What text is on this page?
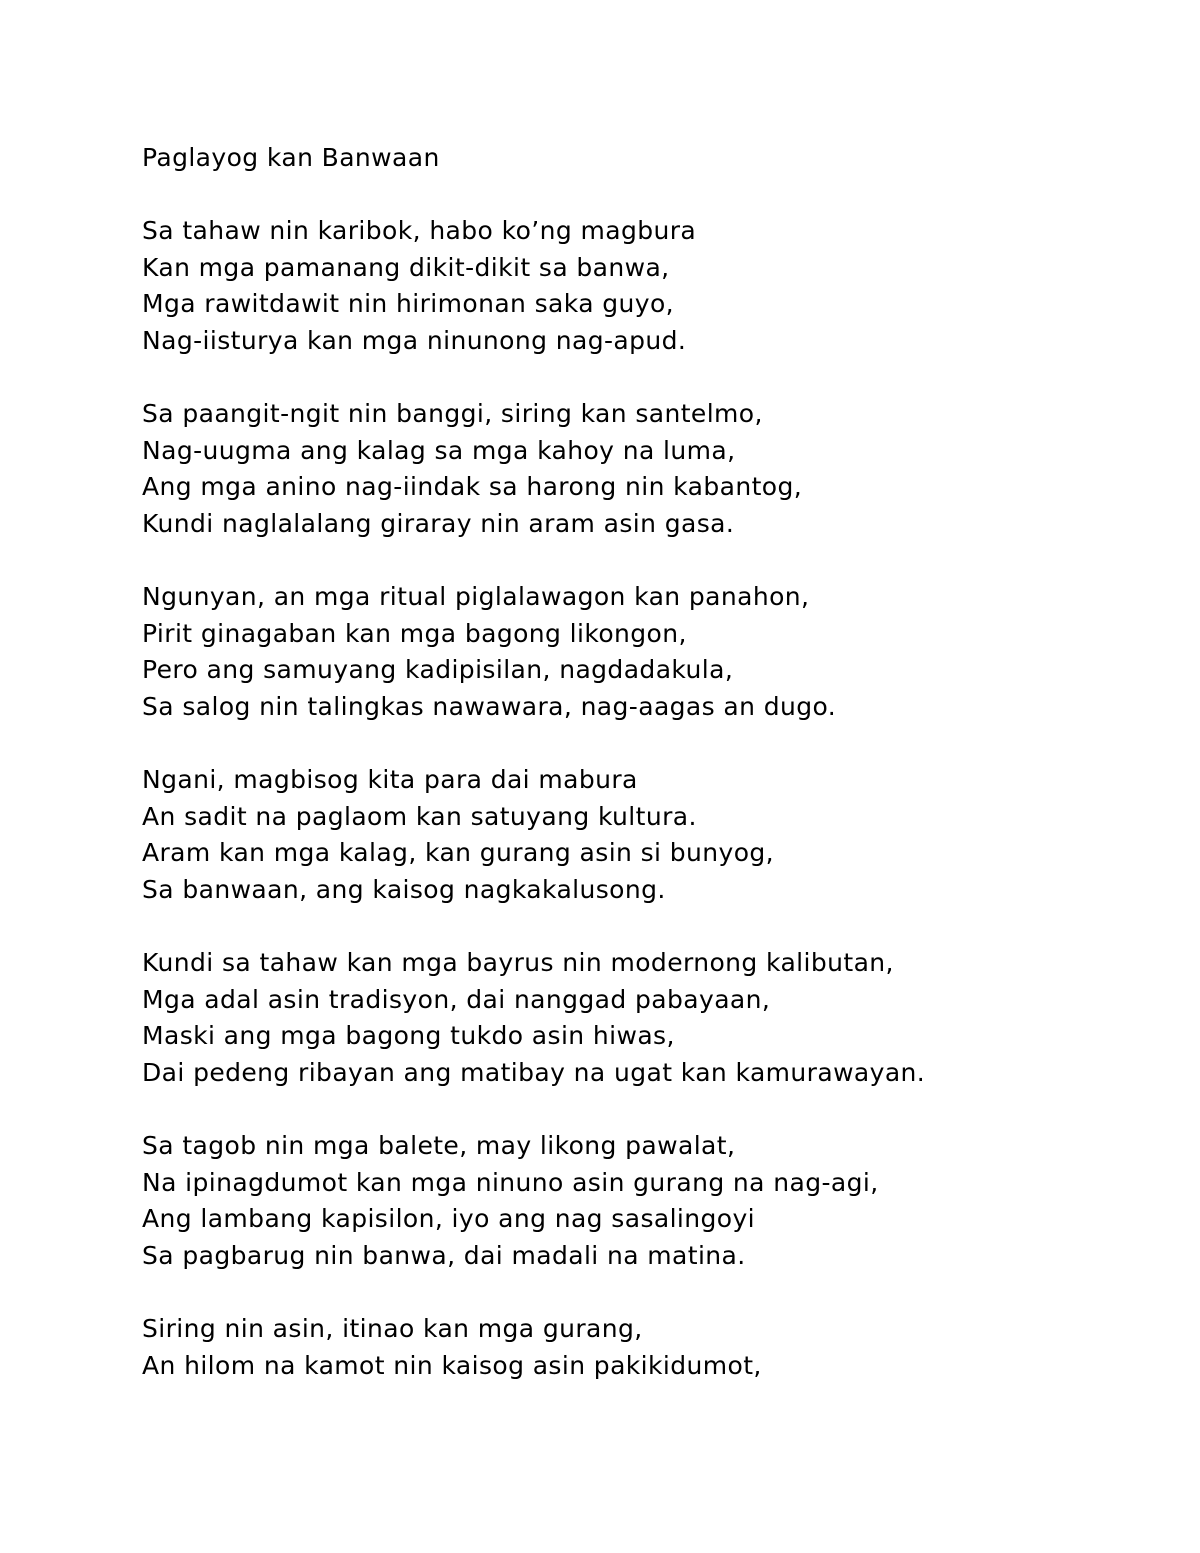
Paglayog kan Banwaan
Sa tahaw nin karibok, habo ko’ng magbura
Kan mga pamanang dikit-dikit sa banwa,
Mga rawitdawit nin hirimonan saka guyo,
Nag-iisturya kan mga ninunong nag-apud.
Sa paangit-ngit nin banggi, siring kan santelmo,
Nag-uugma ang kalag sa mga kahoy na luma,
Ang mga anino nag-iindak sa harong nin kabantog,
Kundi naglalalang giraray nin aram asin gasa.
Ngunyan, an mga ritual piglalawagon kan panahon,
Pirit ginagaban kan mga bagong likongon,
Pero ang samuyang kadipisilan, nagdadakula,
Sa salog nin talingkas nawawara, nag-aagas an dugo.
Ngani, magbisog kita para dai mabura
An sadit na paglaom kan satuyang kultura.
Aram kan mga kalag, kan gurang asin si bunyog,
Sa banwaan, ang kaisog nagkakalusong.
Kundi sa tahaw kan mga bayrus nin modernong kalibutan,
Mga adal asin tradisyon, dai nanggad pabayaan,
Maski ang mga bagong tukdo asin hiwas,
Dai pedeng ribayan ang matibay na ugat kan kamurawayan.
Sa tagob nin mga balete, may likong pawalat,
Na ipinagdumot kan mga ninuno asin gurang na nag-agi,
Ang lambang kapisilon, iyo ang nag sasalingoyi
Sa pagbarug nin banwa, dai madali na matina.
Siring nin asin, itinao kan mga gurang,
An hilom na kamot nin kaisog asin pakikidumot,
